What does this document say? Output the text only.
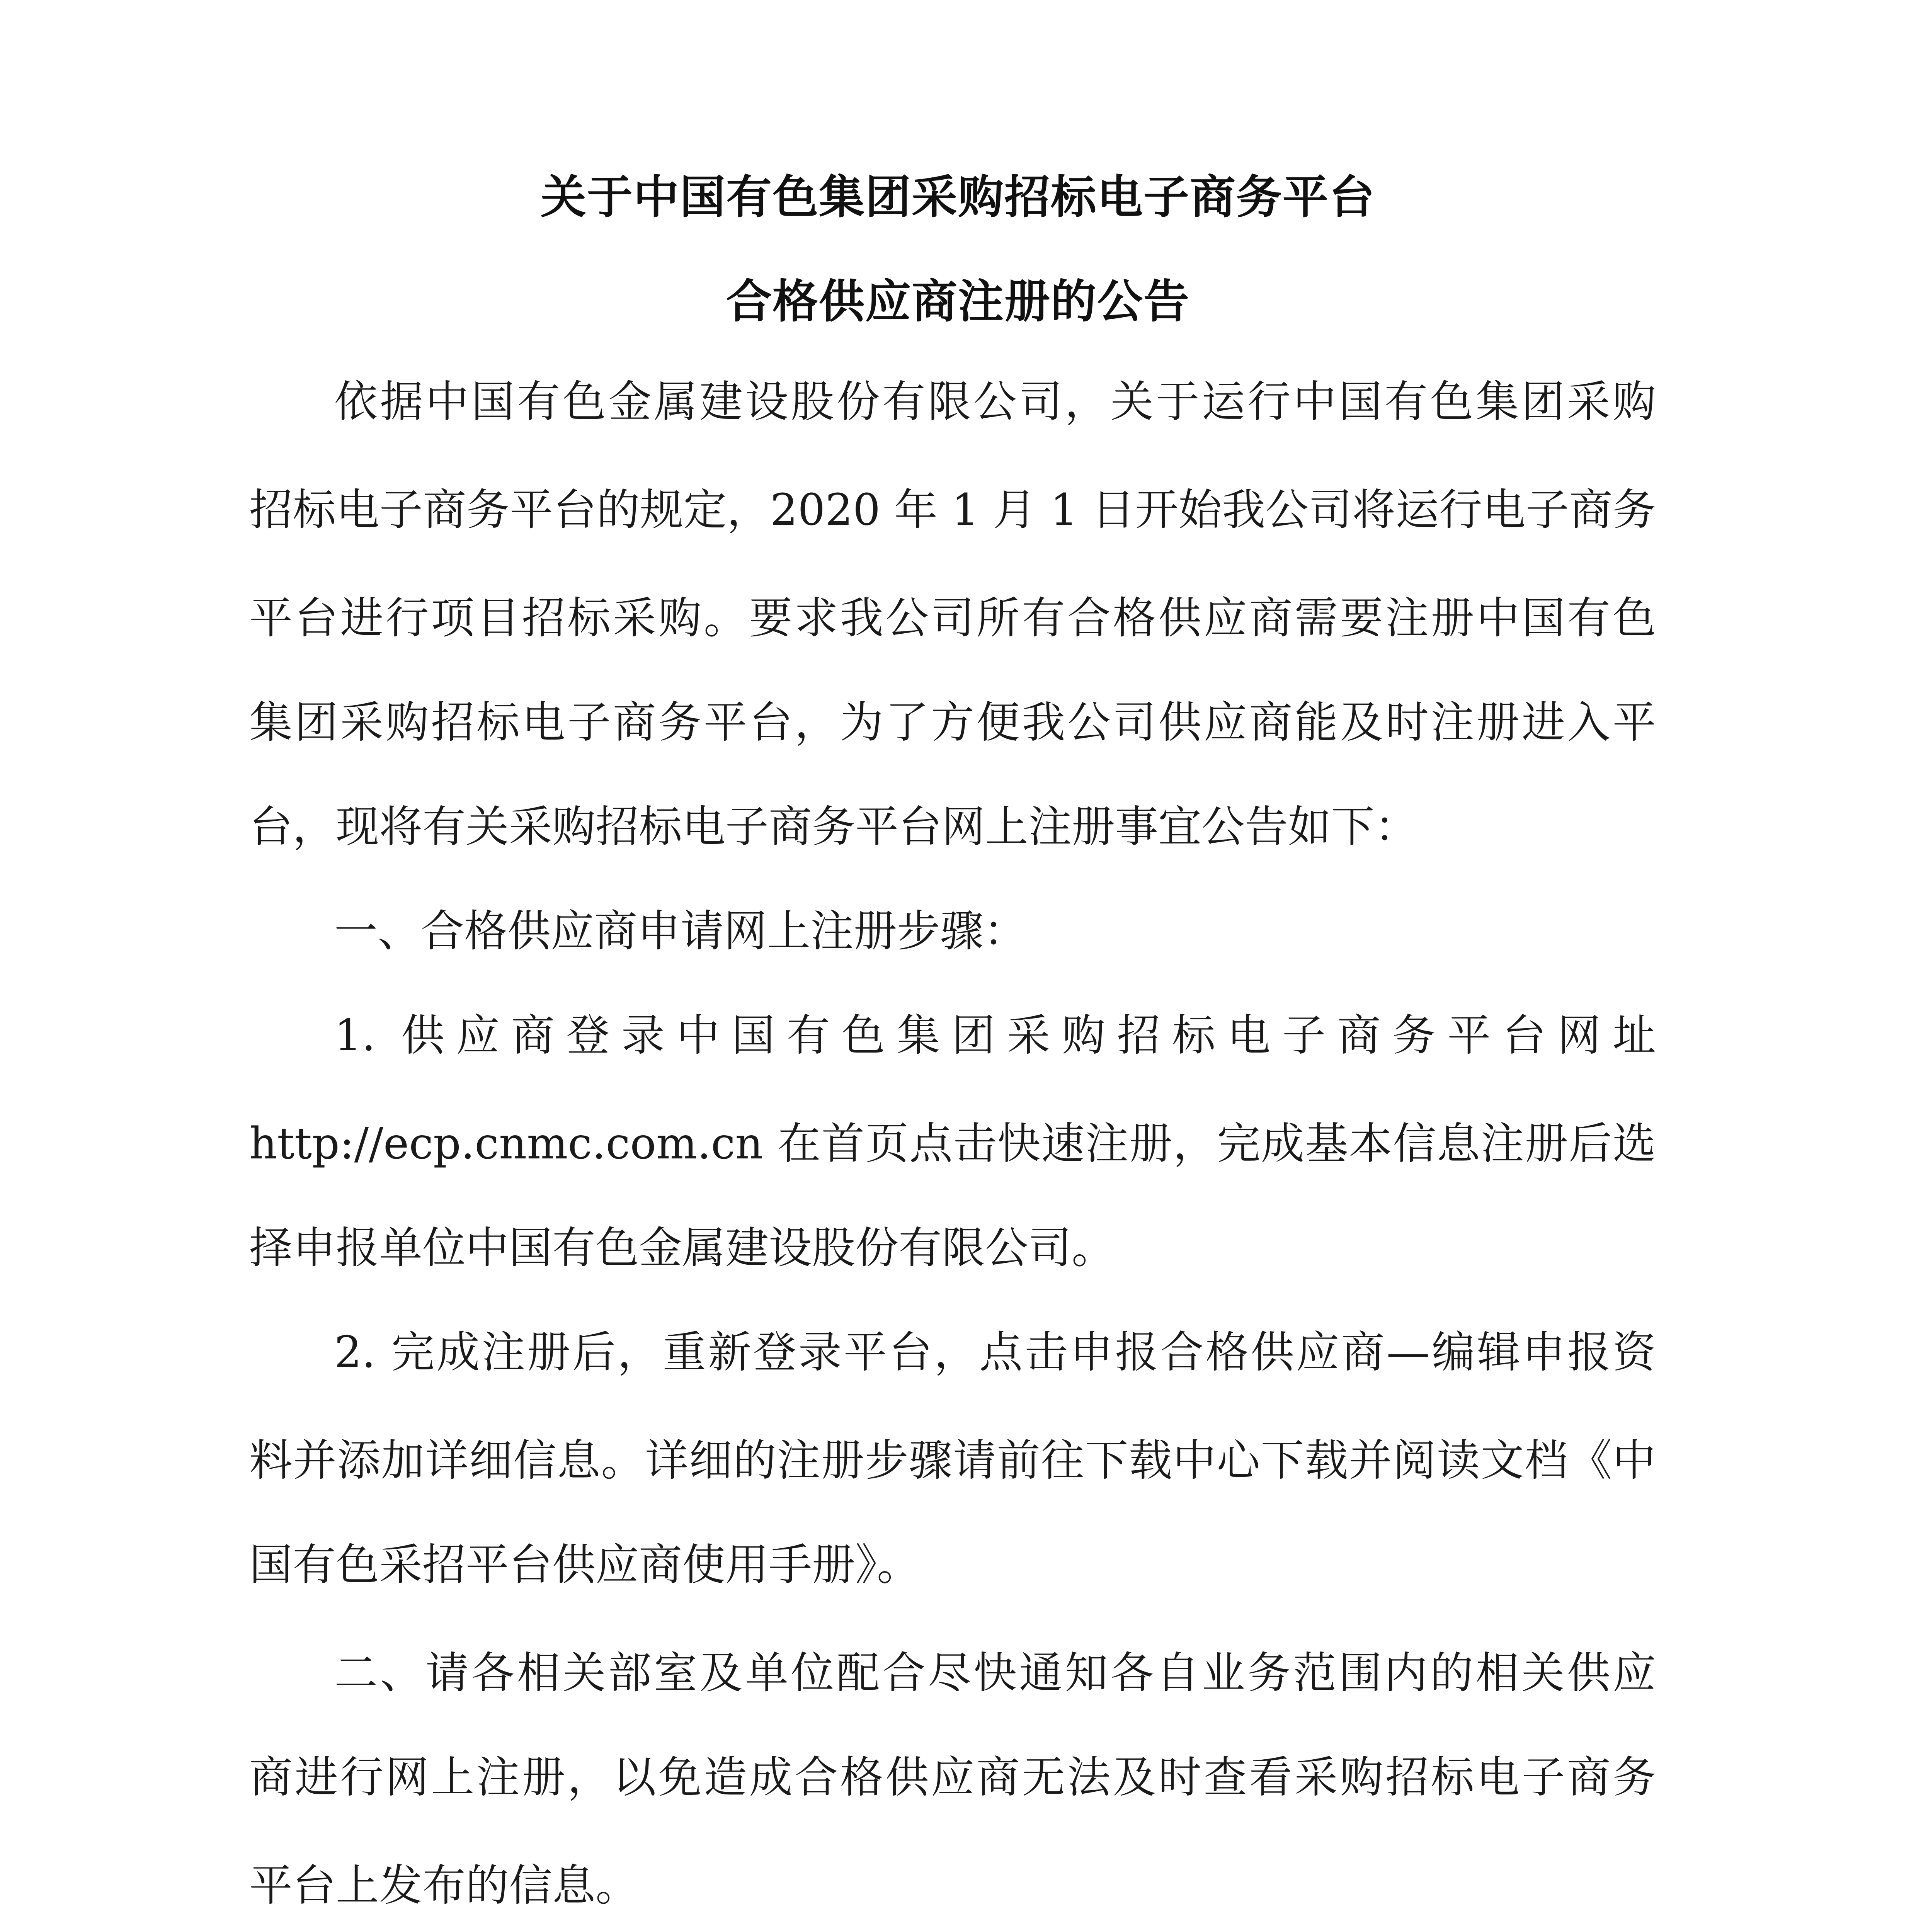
关于中国有色集团采购招标电子商务平台
合格供应商注册的公告
依据中国有色金属建设股份有限公司，关于运行中国有色集团采购
招标电子商务平台的规定，2020 年 1 月 1 日开始我公司将运行电子商务
平台进行项目招标采购。要求我公司所有合格供应商需要注册中国有色
集团采购招标电子商务平台，为了方便我公司供应商能及时注册进入平
台，现将有关采购招标电子商务平台网上注册事宜公告如下：
一、合格供应商申请网上注册步骤：
1. 供应商登录中国有色集团采购招标电子商务平台网址
http://ecp.cnmc.com.cn 在首页点击快速注册，完成基本信息注册后选
择申报单位中国有色金属建设股份有限公司。
2. 完成注册后，重新登录平台，点击申报合格供应商—编辑申报资
料并添加详细信息。详细的注册步骤请前往下载中心下载并阅读文档《中
国有色采招平台供应商使用手册》。
二、请各相关部室及单位配合尽快通知各自业务范围内的相关供应
商进行网上注册，以免造成合格供应商无法及时查看采购招标电子商务
平台上发布的信息。
